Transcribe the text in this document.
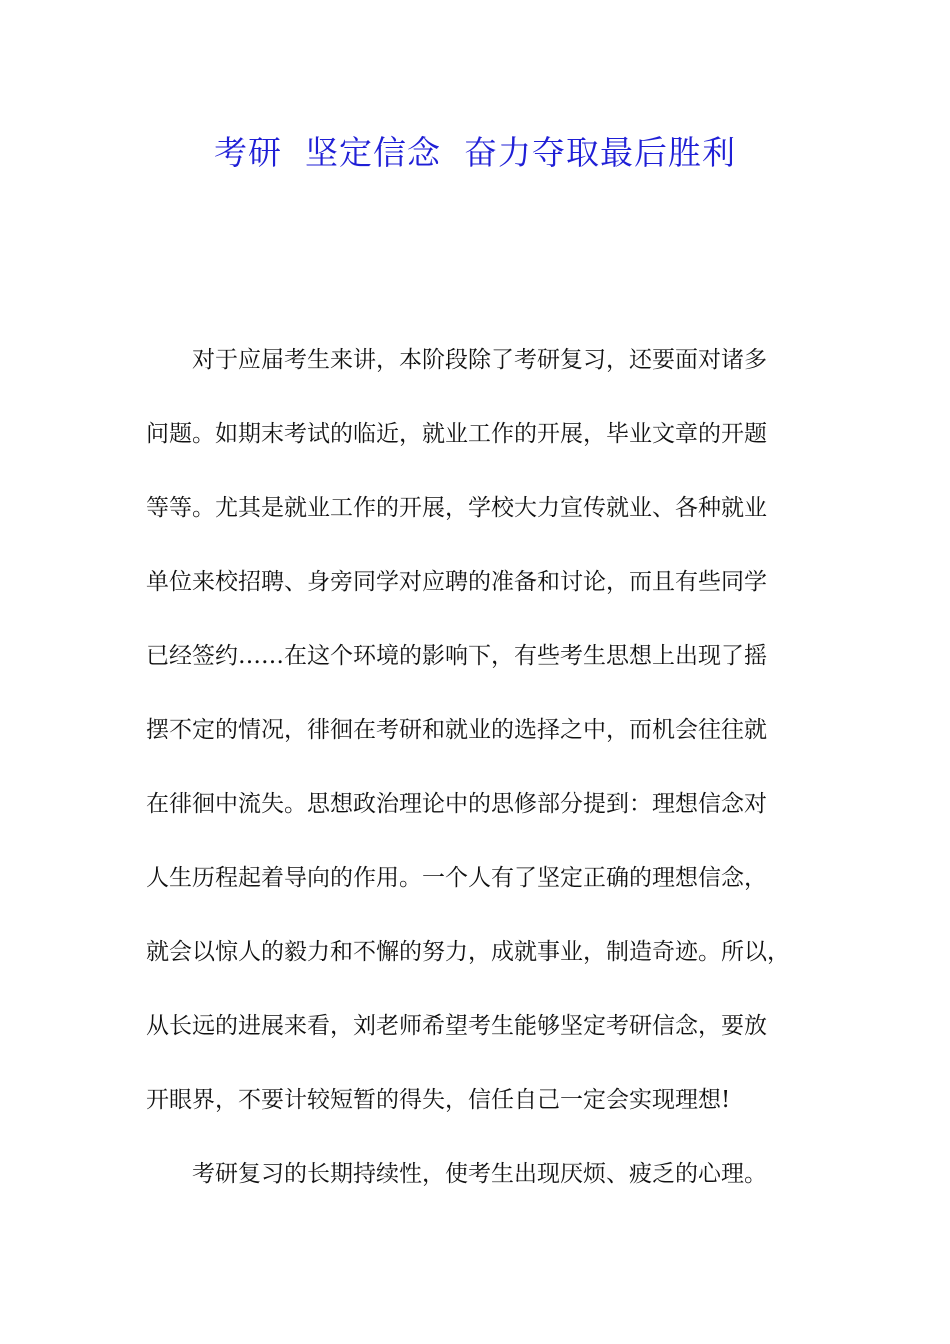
考研  坚定信念  奋力夺取最后胜利
对于应届考生来讲，本阶段除了考研复习，还要面对诸多
问题。如期末考试的临近，就业工作的开展，毕业文章的开题
等等。尤其是就业工作的开展，学校大力宣传就业、各种就业
单位来校招聘、身旁同学对应聘的准备和讨论，而且有些同学
已经签约……在这个环境的影响下，有些考生思想上出现了摇
摆不定的情况，徘徊在考研和就业的选择之中，而机会往往就
在徘徊中流失。思想政治理论中的思修部分提到：理想信念对
人生历程起着导向的作用。一个人有了坚定正确的理想信念，
就会以惊人的毅力和不懈的努力，成就事业，制造奇迹。所以，
从长远的进展来看，刘老师希望考生能够坚定考研信念，要放
开眼界，不要计较短暂的得失，信任自己一定会实现理想!
考研复习的长期持续性，使考生出现厌烦、疲乏的心理。
